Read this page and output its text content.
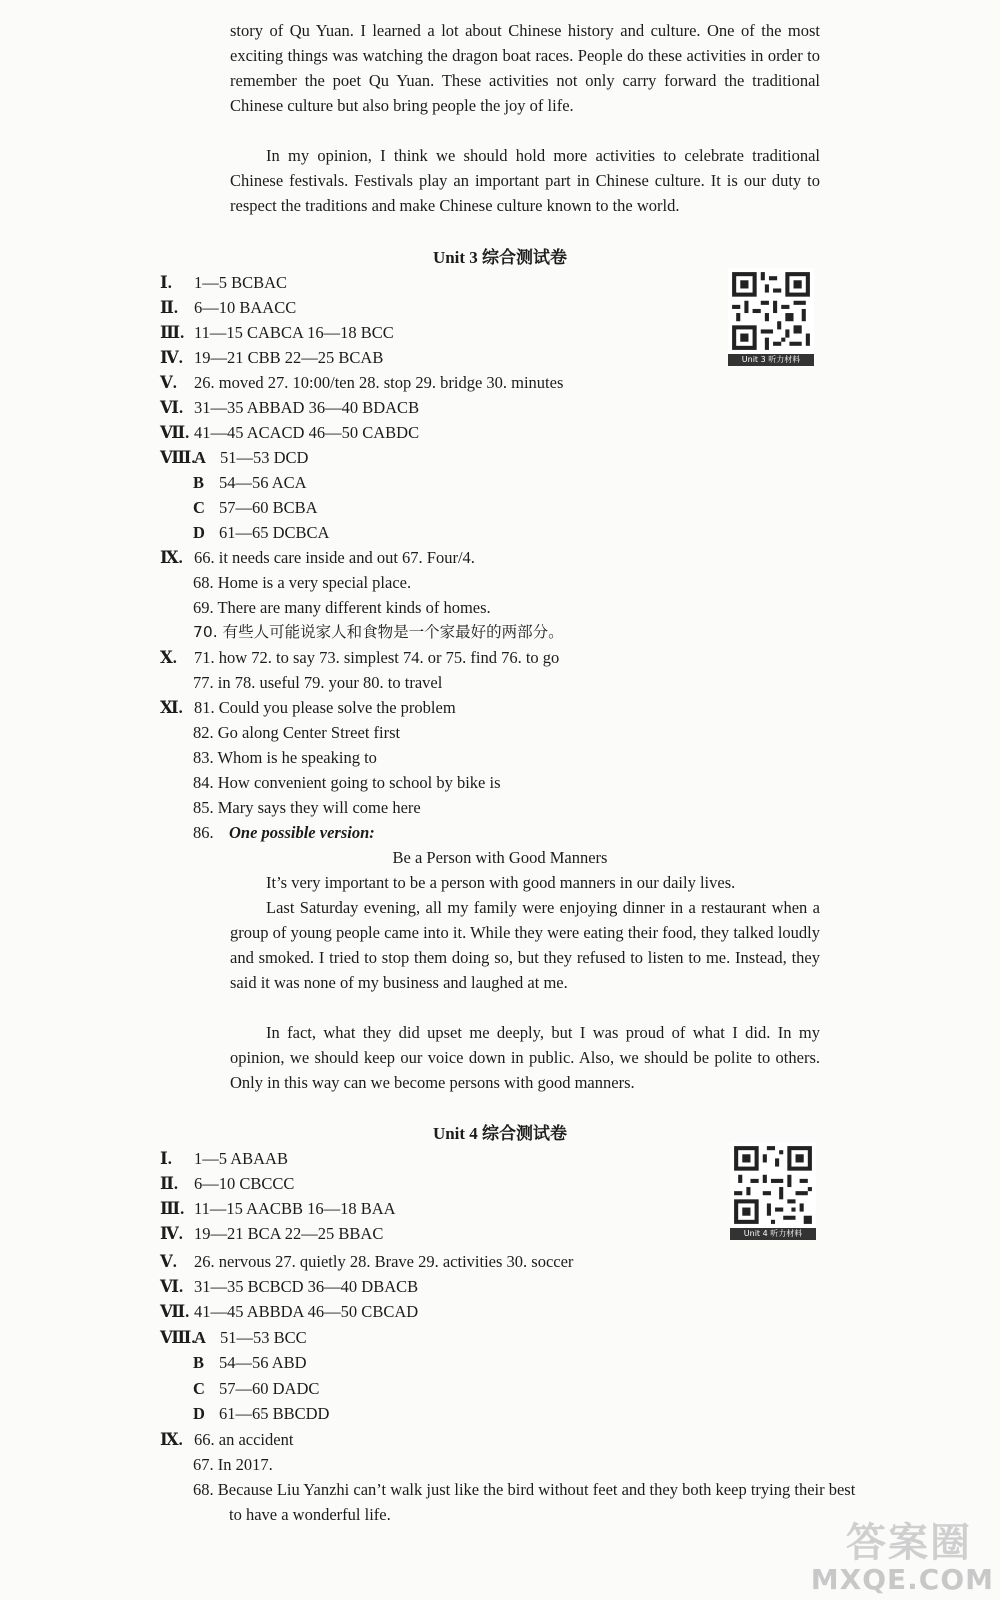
story of Qu Yuan. I learned a lot about Chinese history and culture. One of the most exciting things was watching the dragon boat races. People do these activities in order to remember the poet Qu Yuan. These activities not only carry forward the traditional Chinese culture but also bring people the joy of life.

In my opinion, I think we should hold more activities to celebrate traditional Chinese festivals. Festivals play an important part in Chinese culture. It is our duty to respect the traditions and make Chinese culture known to the world.

Unit 3 综合测试卷
Unit 3 听力材料
Ⅰ. 1—5 BCBAC
Ⅱ. 6—10 BAACC
Ⅲ. 11—15 CABCA 16—18 BCC
Ⅳ. 19—21 CBB 22—25 BCAB
Ⅴ. 26. moved 27. 10:00/ten 28. stop 29. bridge 30. minutes
Ⅵ. 31—35 ABBAD 36—40 BDACB
Ⅶ. 41—45 ACACD 46—50 CABDC
Ⅷ.A 51—53 DCD
B 54—56 ACA
C 57—60 BCBA
D 61—65 DCBCA
Ⅸ. 66. it needs care inside and out 67. Four/4.
68. Home is a very special place.
69. There are many different kinds of homes.
70. 有些人可能说家人和食物是一个家最好的两部分。
Ⅹ. 71. how 72. to say 73. simplest 74. or 75. find 76. to go
77. in 78. useful 79. your 80. to travel
Ⅺ. 81. Could you please solve the problem
82. Go along Center Street first
83. Whom is he speaking to
84. How convenient going to school by bike is
85. Mary says they will come here
86. One possible version:
Be a Person with Good Manners

It’s very important to be a person with good manners in our daily lives.

Last Saturday evening, all my family were enjoying dinner in a restaurant when a group of young people came into it. While they were eating their food, they talked loudly and smoked. I tried to stop them doing so, but they refused to listen to me. Instead, they said it was none of my business and laughed at me.

In fact, what they did upset me deeply, but I was proud of what I did. In my opinion, we should keep our voice down in public. Also, we should be polite to others. Only in this way can we become persons with good manners.

Unit 4 综合测试卷
Unit 4 听力材料
Ⅰ. 1—5 ABAAB
Ⅱ. 6—10 CBCCC
Ⅲ. 11—15 AACBB 16—18 BAA
Ⅳ. 19—21 BCA 22—25 BBAC
Ⅴ. 26. nervous 27. quietly 28. Brave 29. activities 30. soccer
Ⅵ. 31—35 BCBCD 36—40 DBACB
Ⅶ. 41—45 ABBDA 46—50 CBCAD
Ⅷ.A 51—53 BCC
B 54—56 ABD
C 57—60 DADC
D 61—65 BBCDD
Ⅸ. 66. an accident
67. In 2017.
68. Because Liu Yanzhi can’t walk just like the bird without feet and they both keep trying their best to have a wonderful life.
答案圈
MXQE.COM
